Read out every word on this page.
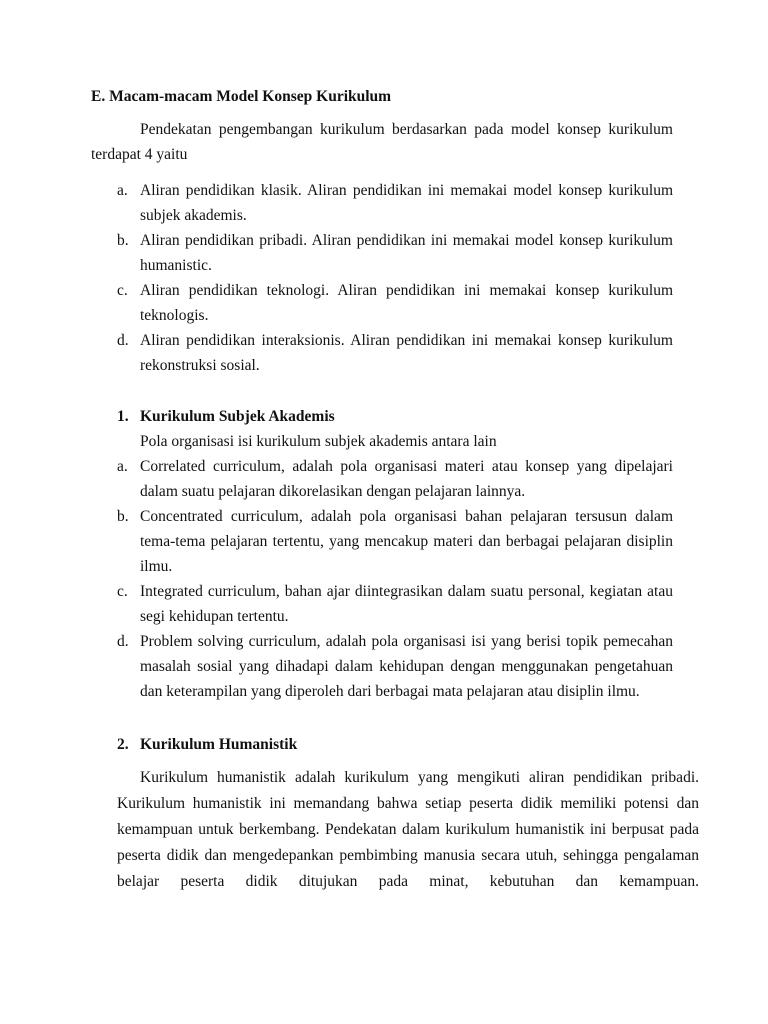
E. Macam-macam Model Konsep Kurikulum
Pendekatan pengembangan kurikulum berdasarkan pada model konsep kurikulum terdapat 4 yaitu
a. Aliran pendidikan klasik. Aliran pendidikan ini memakai model konsep kurikulum subjek akademis.
b. Aliran pendidikan pribadi. Aliran pendidikan ini memakai model konsep kurikulum humanistic.
c. Aliran pendidikan teknologi. Aliran pendidikan ini memakai konsep kurikulum teknologis.
d. Aliran pendidikan interaksionis. Aliran pendidikan ini memakai konsep kurikulum rekonstruksi sosial.
1. Kurikulum Subjek Akademis
Pola organisasi isi kurikulum subjek akademis antara lain
a. Correlated curriculum, adalah pola organisasi materi atau konsep yang dipelajari dalam suatu pelajaran dikorelasikan dengan pelajaran lainnya.
b. Concentrated curriculum, adalah pola organisasi bahan pelajaran tersusun dalam tema-tema pelajaran tertentu, yang mencakup materi dan berbagai pelajaran disiplin ilmu.
c. Integrated curriculum, bahan ajar diintegrasikan dalam suatu personal, kegiatan atau segi kehidupan tertentu.
d. Problem solving curriculum, adalah pola organisasi isi yang berisi topik pemecahan masalah sosial yang dihadapi dalam kehidupan dengan menggunakan pengetahuan dan keterampilan yang diperoleh dari berbagai mata pelajaran atau disiplin ilmu.
2. Kurikulum Humanistik
Kurikulum humanistik adalah kurikulum yang mengikuti aliran pendidikan pribadi. Kurikulum humanistik ini memandang bahwa setiap peserta didik memiliki potensi dan kemampuan untuk berkembang. Pendekatan dalam kurikulum humanistik ini berpusat pada peserta didik dan mengedepankan pembimbing manusia secara utuh, sehingga pengalaman belajar peserta didik ditujukan pada minat, kebutuhan dan kemampuan.
